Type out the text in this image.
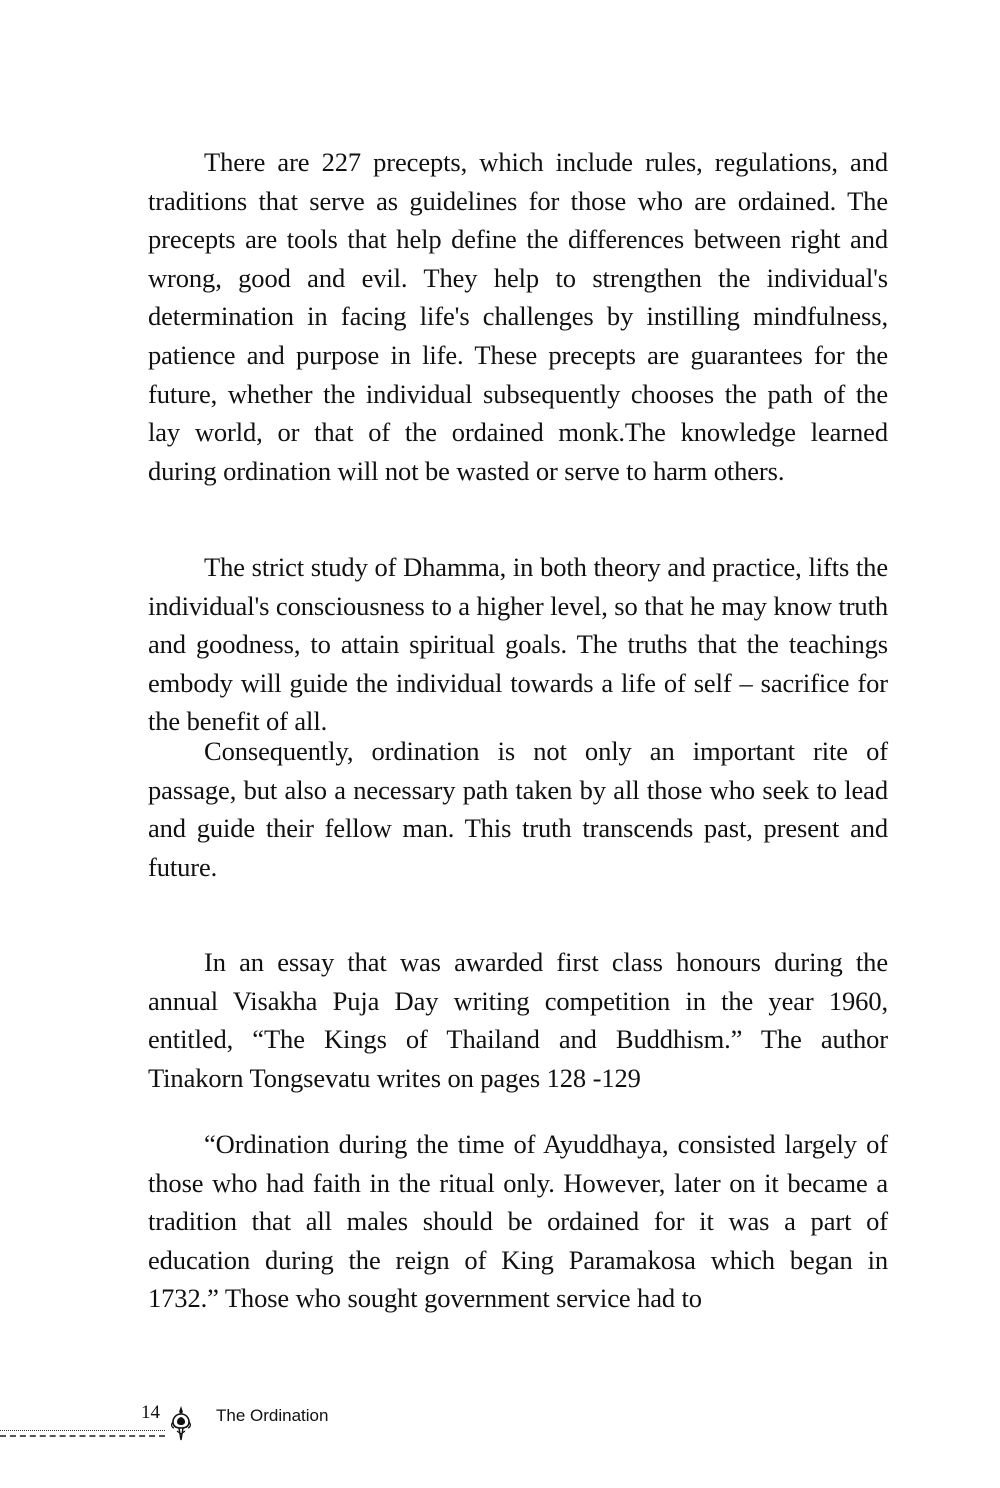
There are 227 precepts, which include rules, regulations, and traditions that serve as guidelines for those who are ordained. The precepts are tools that help define the differences between right and wrong, good and evil. They help to strengthen the individual's determination in facing life's challenges by instilling mindfulness, patience and purpose in life. These precepts are guarantees for the future, whether the individual subsequently chooses the path of the lay world, or that of the ordained monk.The knowledge learned during ordination will not be wasted or serve to harm others.

The strict study of Dhamma, in both theory and practice, lifts the individual's consciousness to a higher level, so that he may know truth and goodness, to attain spiritual goals. The truths that the teachings embody will guide the individual towards a life of self – sacrifice for the benefit of all.

Consequently, ordination is not only an important rite of passage, but also a necessary path taken by all those who seek to lead and guide their fellow man. This truth transcends past, present and future.

In an essay that was awarded first class honours during the annual Visakha Puja Day writing competition in the year 1960, entitled, “The Kings of Thailand and Buddhism.” The author Tinakorn Tongsevatu writes on pages 128 -129

“Ordination during the time of Ayuddhaya, consisted largely of those who had faith in the ritual only. However, later on it became a tradition that all males should be ordained for it was a part of education during the reign of King Paramakosa which began in 1732.” Those who sought government service had to

14	The Ordination
